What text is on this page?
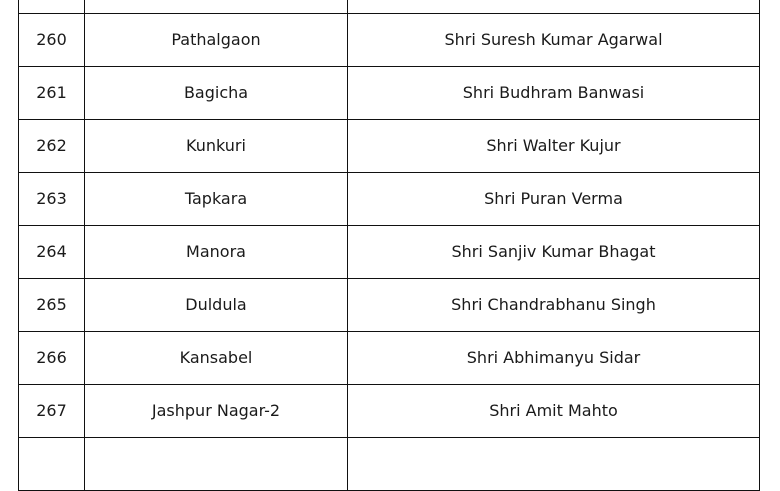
260	Pathalgaon	Shri Suresh Kumar Agarwal
261	Bagicha	Shri Budhram Banwasi
262	Kunkuri	Shri Walter Kujur
263	Tapkara	Shri Puran Verma
264	Manora	Shri Sanjiv Kumar Bhagat
265	Duldula	Shri Chandrabhanu Singh
266	Kansabel	Shri Abhimanyu Sidar
267	Jashpur Nagar-2	Shri Amit Mahto
